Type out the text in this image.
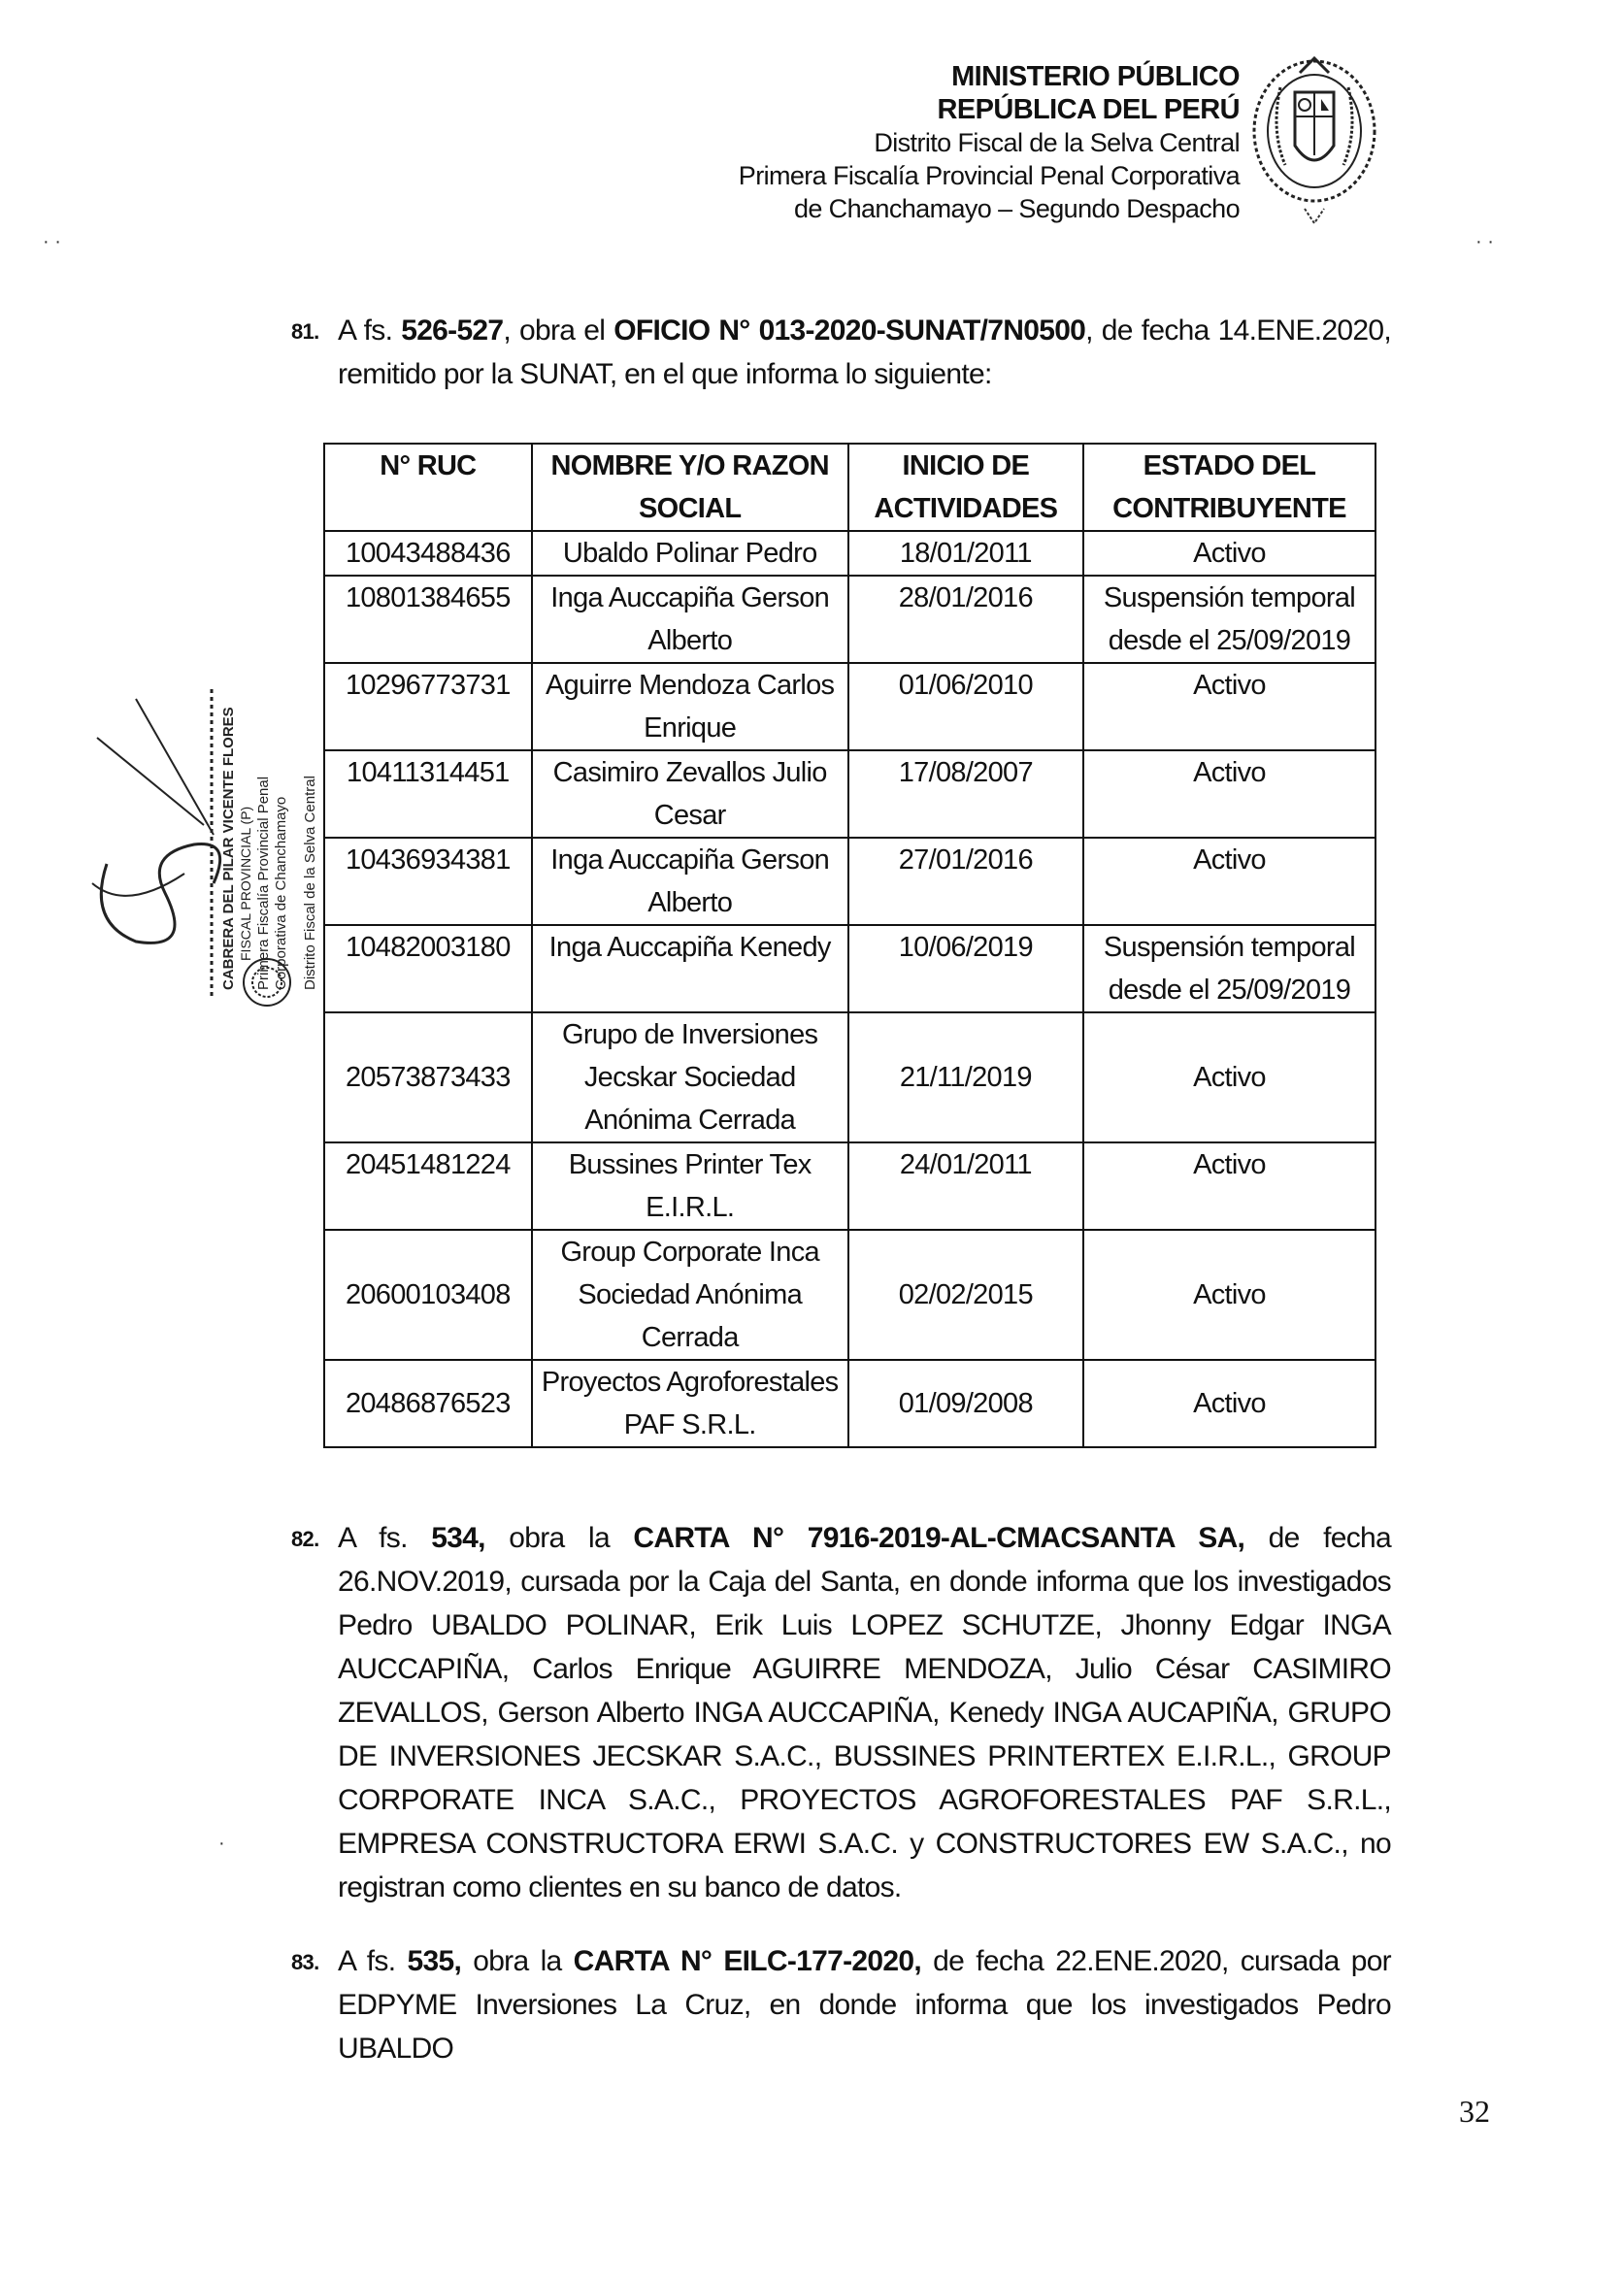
MINISTERIO PÚBLICO
REPÚBLICA DEL PERÚ
Distrito Fiscal de la Selva Central
Primera Fiscalía Provincial Penal Corporativa
de Chanchamayo – Segundo Despacho
· ·	· ·
·
81. A fs. 526-527, obra el OFICIO N° 013-2020-SUNAT/7N0500, de fecha 14.ENE.2020, remitido por la SUNAT, en el que informa lo siguiente:
N° RUC	NOMBRE Y/O RAZON SOCIAL	INICIO DE ACTIVIDADES	ESTADO DEL CONTRIBUYENTE
10043488436	Ubaldo Polinar Pedro	18/01/2011	Activo
10801384655	Inga Auccapiña Gerson Alberto	28/01/2016	Suspensión temporal desde el 25/09/2019
10296773731	Aguirre Mendoza Carlos Enrique	01/06/2010	Activo
10411314451	Casimiro Zevallos Julio Cesar	17/08/2007	Activo
10436934381	Inga Auccapiña Gerson Alberto	27/01/2016	Activo
10482003180	Inga Auccapiña Kenedy	10/06/2019	Suspensión temporal desde el 25/09/2019
20573873433	Grupo de Inversiones Jecskar Sociedad Anónima Cerrada	21/11/2019	Activo
20451481224	Bussines Printer Tex E.I.R.L.	24/01/2011	Activo
20600103408	Group Corporate Inca Sociedad Anónima Cerrada	02/02/2015	Activo
20486876523	Proyectos Agroforestales PAF S.R.L.	01/09/2008	Activo
CABRERA DEL PILAR VICENTE FLORES FISCAL PROVINCIAL (P) Primera Fiscalía Provincial Penal Corporativa de Chanchamayo Distrito Fiscal de la Selva Central
82. A fs. 534, obra la CARTA N° 7916-2019-AL-CMACSANTA SA, de fecha 26.NOV.2019, cursada por la Caja del Santa, en donde informa que los investigados Pedro UBALDO POLINAR, Erik Luis LOPEZ SCHUTZE, Jhonny Edgar INGA AUCCAPIÑA, Carlos Enrique AGUIRRE MENDOZA, Julio César CASIMIRO ZEVALLOS, Gerson Alberto INGA AUCCAPIÑA, Kenedy INGA AUCAPIÑA, GRUPO DE INVERSIONES JECSKAR S.A.C., BUSSINES PRINTERTEX E.I.R.L., GROUP CORPORATE INCA S.A.C., PROYECTOS AGROFORESTALES PAF S.R.L., EMPRESA CONSTRUCTORA ERWI S.A.C. y CONSTRUCTORES EW S.A.C., no registran como clientes en su banco de datos.
83. A fs. 535, obra la CARTA N° EILC-177-2020, de fecha 22.ENE.2020, cursada por EDPYME Inversiones La Cruz, en donde informa que los investigados Pedro UBALDO
32
